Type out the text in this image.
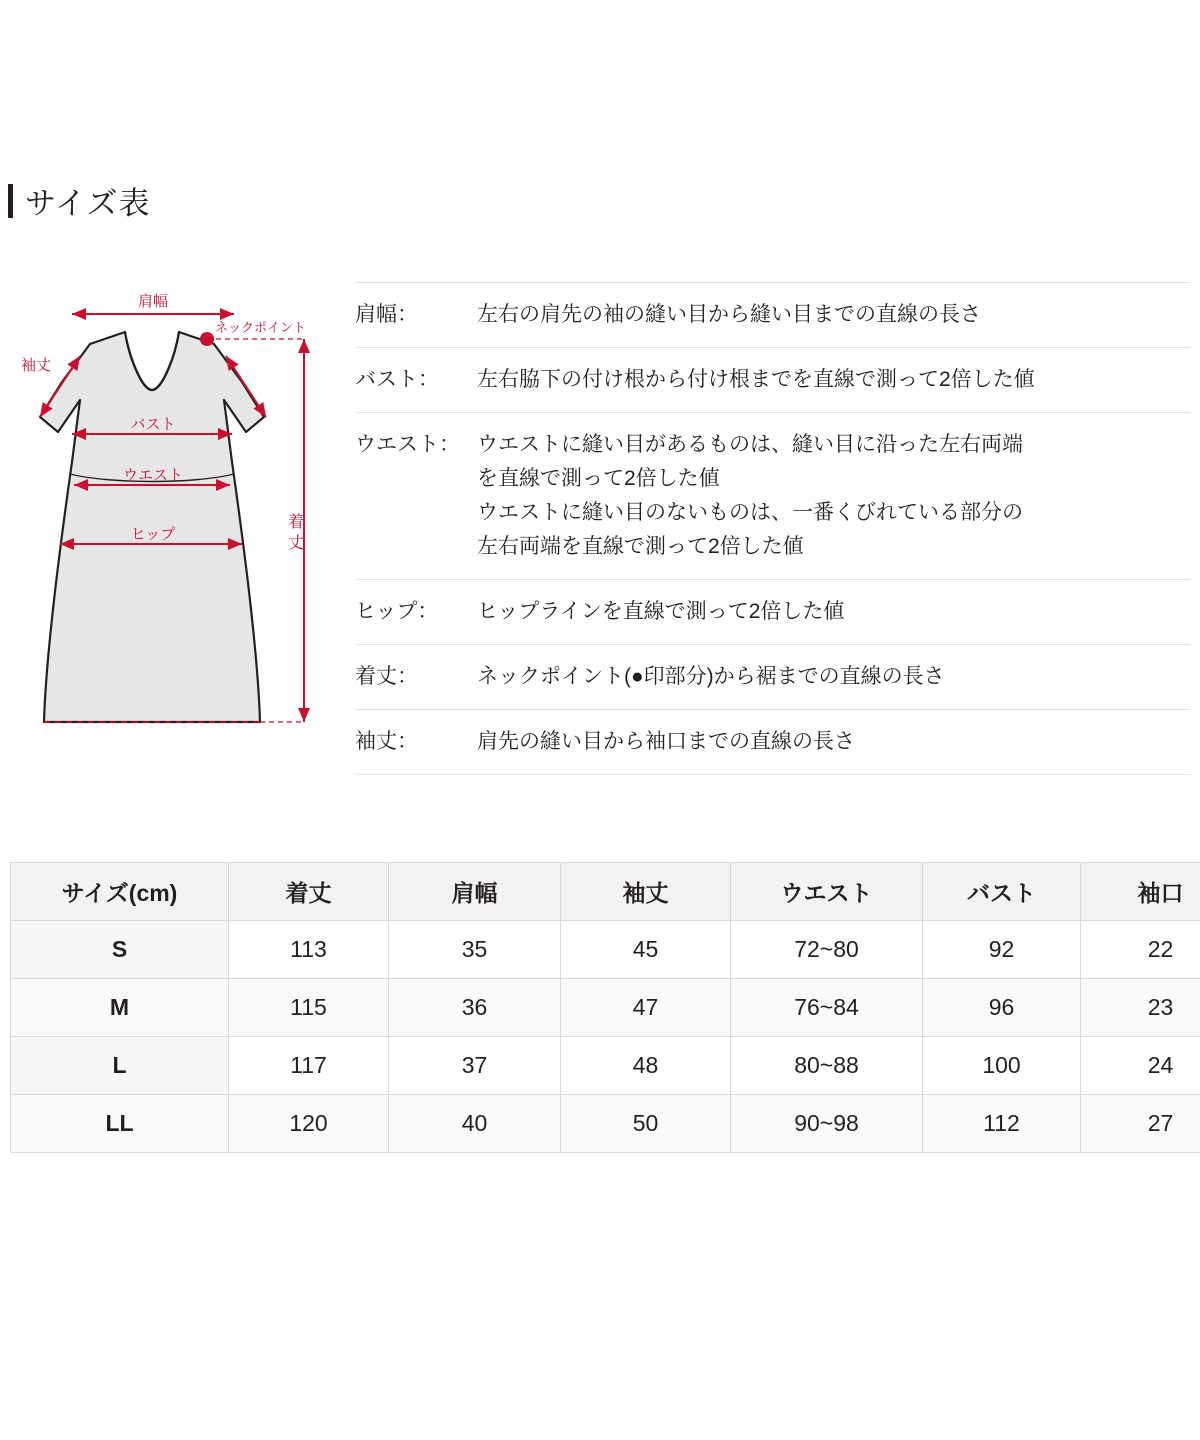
サイズ表
肩幅
ネックポイント
袖丈
バスト
ウエスト
ヒップ
着
丈
肩幅：	左右の肩先の袖の縫い目から縫い目までの直線の長さ
バスト：	左右脇下の付け根から付け根までを直線で測って2倍した値
ウエスト： ウエストに縫い目があるものは、縫い目に沿った左右両端
を直線で測って2倍した値
ウエストに縫い目のないものは、一番くびれている部分の
左右両端を直線で測って2倍した値
ヒップ：	ヒップラインを直線で測って2倍した値
着丈：	ネックポイント(●印部分)から裾までの直線の長さ
袖丈：	肩先の縫い目から袖口までの直線の長さ
サイズ(cm)	着丈	肩幅	袖丈	ウエスト	バスト	袖口
S	113	35	45	72~80	92	22
M	115	36	47	76~84	96	23
L	117	37	48	80~88	100	24
LL	120	40	50	90~98	112	27
